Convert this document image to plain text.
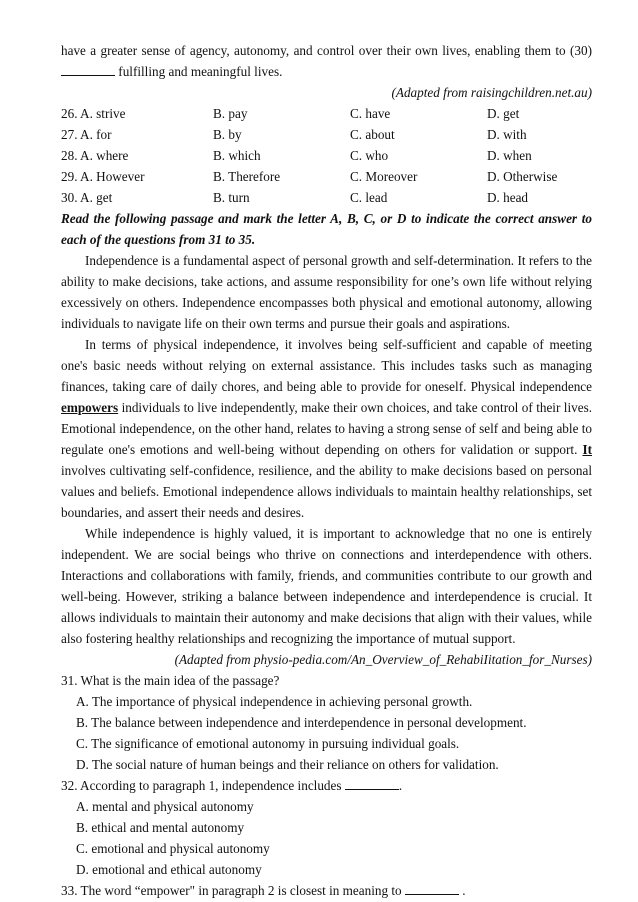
have a greater sense of agency, autonomy, and control over their own lives, enabling them to (30)  fulfilling and meaningful lives.

(Adapted from raisingchildren.net.au)

26. A. strive	B. pay	C. have	D. get
27. A. for	B. by	C. about	D. with
28. A. where	B. which	C. who	D. when
29. A. However	B. Therefore	C. Moreover	D. Otherwise
30. A. get	B. turn	C. lead	D. head

Read the following passage and mark the letter A, B, C, or D to indicate the correct answer to each of the questions from 31 to 35.

Independence is a fundamental aspect of personal growth and self-determination. It refers to the ability to make decisions, take actions, and assume responsibility for one’s own life without relying excessively on others. Independence encompasses both physical and emotional autonomy, allowing individuals to navigate life on their own terms and pursue their goals and aspirations.

In terms of physical independence, it involves being self-sufficient and capable of meeting one's basic needs without relying on external assistance. This includes tasks such as managing finances, taking care of daily chores, and being able to provide for oneself. Physical independence empowers individuals to live independently, make their own choices, and take control of their lives. Emotional independence, on the other hand, relates to having a strong sense of self and being able to regulate one's emotions and well-being without depending on others for validation or support. It involves cultivating self-confidence, resilience, and the ability to make decisions based on personal values and beliefs. Emotional independence allows individuals to maintain healthy relationships, set boundaries, and assert their needs and desires.

While independence is highly valued, it is important to acknowledge that no one is entirely independent. We are social beings who thrive on connections and interdependence with others. Interactions and collaborations with family, friends, and communities contribute to our growth and well-being. However, striking a balance between independence and interdependence is crucial. It allows individuals to maintain their autonomy and make decisions that align with their values, while also fostering healthy relationships and recognizing the importance of mutual support.

(Adapted from physio-pedia.com/An_Overview_of_RehabiIitation_for_Nurses)

31. What is the main idea of the passage?
A. The importance of physical independence in achieving personal growth.
B. The balance between independence and interdependence in personal development.
C. The significance of emotional autonomy in pursuing individual goals.
D. The social nature of human beings and their reliance on others for validation.
32. According to paragraph 1, independence includes	.
A. mental and physical autonomy
B. ethical and mental autonomy
C. emotional and physical autonomy
D. emotional and ethical autonomy
33. The word “empower" in paragraph 2 is closest in meaning to	.
